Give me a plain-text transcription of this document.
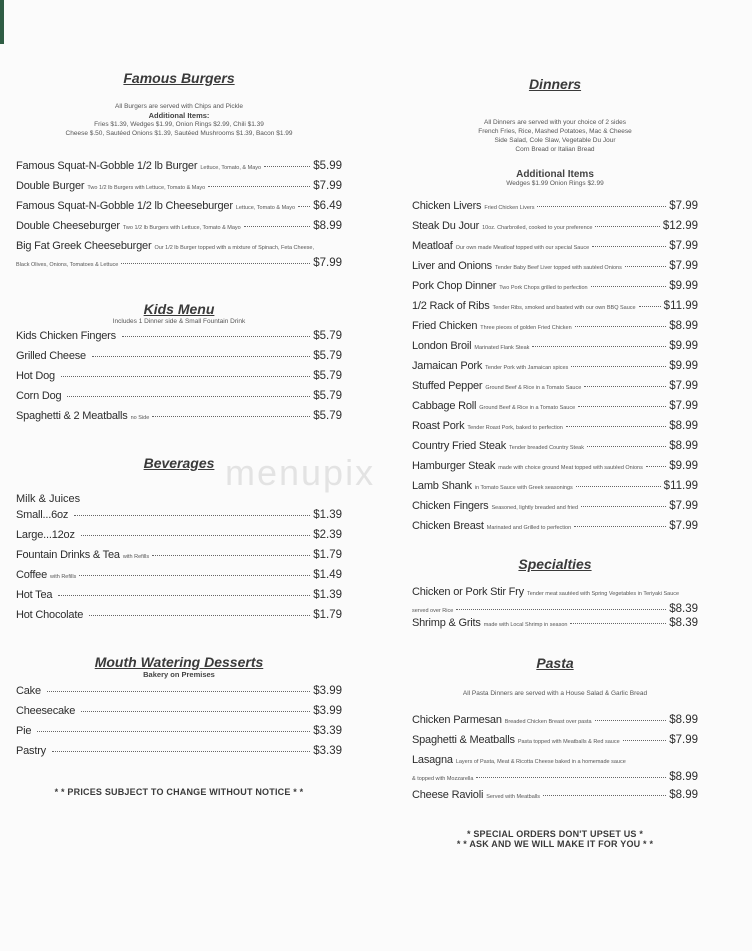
menupix
Famous Burgers

All Burgers are served with Chips and Pickle

Additional Items:

Fries $1.39, Wedges $1.99, Onion Rings $2.99, Chili $1.39

Cheese $.50, Sautéed Onions $1.39, Sautéed Mushrooms $1.39, Bacon $1.99

Famous Squat-N-Gobble 1/2 lb Burger Lettuce, Tomato, & Mayo	$5.99
Double Burger Two 1/2 lb Burgers with Lettuce, Tomato & Mayo	$7.99
Famous Squat-N-Gobble 1/2 lb Cheeseburger Lettuce, Tomato & Mayo $6.49
Double Cheeseburger Two 1/2 lb Burgers with Lettuce, Tomato & Mayo	$8.99
Big Fat Greek Cheeseburger Our 1/2 lb Burger topped with a mixture of Spinach, Feta Cheese,
Black Olives, Onions, Tomatoes & Lettuce	$7.99
Kids Menu

Includes 1 Dinner side & Small Fountain Drink

Kids Chicken Fingers	$5.79
Grilled Cheese	$5.79
Hot Dog	$5.79
Corn Dog	$5.79
Spaghetti & 2 Meatballs no Side	$5.79
Beverages
Milk & Juices
Small...6oz	$1.39
Large...12oz	$2.39
Fountain Drinks & Tea with Refills	$1.79
Coffee with Refills	$1.49
Hot Tea	$1.39
Hot Chocolate	$1.79
Mouth Watering Desserts

Bakery on Premises

Cake	$3.99
Cheesecake	$3.99
Pie	$3.39
Pastry	$3.39
* * PRICES SUBJECT TO CHANGE WITHOUT NOTICE * *
Dinners

All Dinners are served with your choice of 2 sides

French Fries, Rice, Mashed Potatoes, Mac & Cheese

Side Salad, Cole Slaw, Vegetable Du Jour

Corn Bread or Italian Bread

Additional Items

Wedges $1.99 Onion Rings $2.99

Chicken Livers Fried Chicken Livers	$7.99
Steak Du Jour 10oz. Charbroiled, cooked to your preference	$12.99
Meatloaf Our own made Meatloaf topped with our special Sauce	$7.99
Liver and Onions Tender Baby Beef Liver topped with sautéed Onions	$7.99
Pork Chop Dinner Two Pork Chops grilled to perfection	$9.99
1/2 Rack of Ribs Tender Ribs, smoked and basted with our own BBQ Sauce $11.99
Fried Chicken Three pieces of golden Fried Chicken	$8.99
London Broil Marinated Flank Steak	$9.99
Jamaican Pork Tender Pork with Jamaican spices	$9.99
Stuffed Pepper Ground Beef & Rice in a Tomato Sauce	$7.99
Cabbage Roll Ground Beef & Rice in a Tomato Sauce	$7.99
Roast Pork Tender Roast Pork, baked to perfection	$8.99
Country Fried Steak Tender breaded Country Steak	$8.99
Hamburger Steak made with choice ground Meat topped with sautéed Onions $9.99
Lamb Shank in Tomato Sauce with Greek seasonings	$11.99
Chicken Fingers Seasoned, lightly breaded and fried	$7.99
Chicken Breast Marinated and Grilled to perfection	$7.99
Specialties
Chicken or Pork Stir Fry Tender meat sautéed with Spring Vegetables in Teriyaki Sauce
served over Rice	$8.39
Shrimp & Grits made with Local Shrimp in season	$8.39
Pasta

All Pasta Dinners are served with a House Salad & Garlic Bread

Chicken Parmesan Breaded Chicken Breast over pasta	$8.99
Spaghetti & Meatballs Pasta topped with Meatballs & Red sauce	$7.99
Lasagna Layers of Pasta, Meat & Ricotta Cheese baked in a homemade sauce
& topped with Mozzarella	$8.99
Cheese Ravioli Served with Meatballs	$8.99
* SPECIAL ORDERS DON'T UPSET US *
* * ASK AND WE WILL MAKE IT FOR YOU * *
